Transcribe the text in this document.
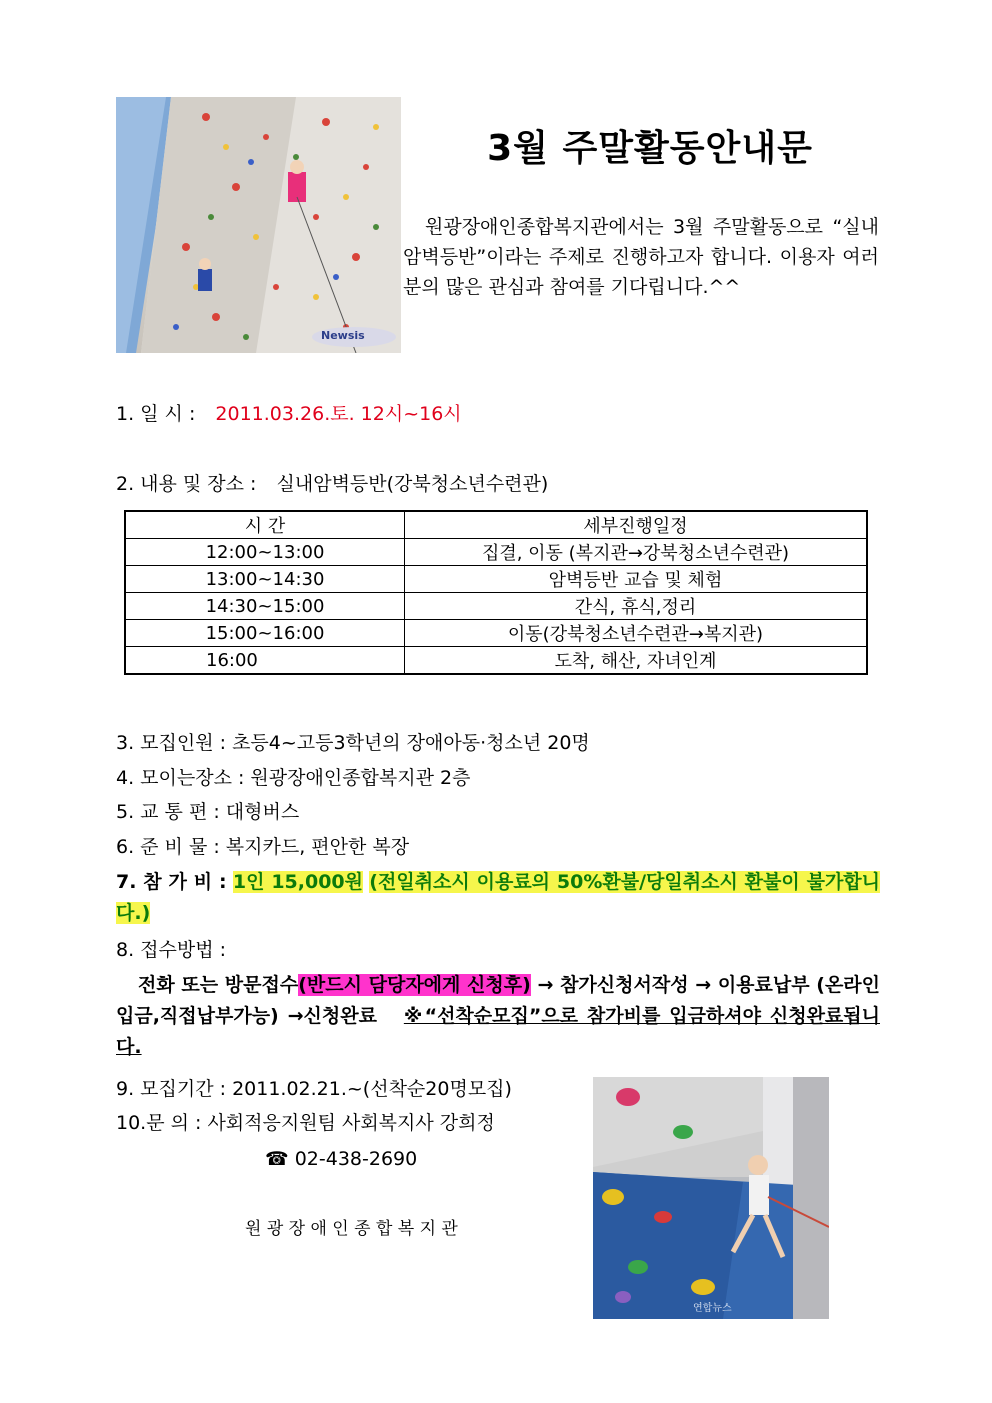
Newsis
3월 주말활동안내문

원광장애인종합복지관에서는 3월 주말활동으로 “실내암벽등반”이라는 주제로 진행하고자 합니다. 이용자 여러분의 많은 관심과 참여를 기다립니다.^^

1. 일 시 : 2011.03.26.토. 12시~16시
2. 내용 및 장소 : 실내암벽등반(강북청소년수련관)
시 간	세부진행일정
12:00~13:00	집결, 이동 (복지관→강북청소년수련관)
13:00~14:30	암벽등반 교습 및 체험
14:30~15:00	간식, 휴식,정리
15:00~16:00	이동(강북청소년수련관→복지관)
16:00	도착, 해산, 자녀인계
3. 모집인원 : 초등4~고등3학년의 장애아동·청소년 20명
4. 모이는장소 : 원광장애인종합복지관 2층
5. 교 통 편 : 대형버스
6. 준 비 물 : 복지카드, 편안한 복장

7. 참 가 비 : 1인 15,000원 (전일취소시 이용료의 50%환불/당일취소시 환불이 불가합니다.)

8. 접수방법 :

전화 또는 방문접수(반드시 담당자에게 신청후) → 참가신청서작성 → 이용료납부 (온라인입금,직접납부가능) →신청완료 ※“선착순모집”으로 참가비를 입금하셔야 신청완료됩니다.

9. 모집기간 : 2011.02.21.~(선착순20명모집)
10.문 의 : 사회적응지원팀 사회복지사 강희정
☎ 02-438-2690
원 광 장 애 인 종 합 복 지 관
연합뉴스
